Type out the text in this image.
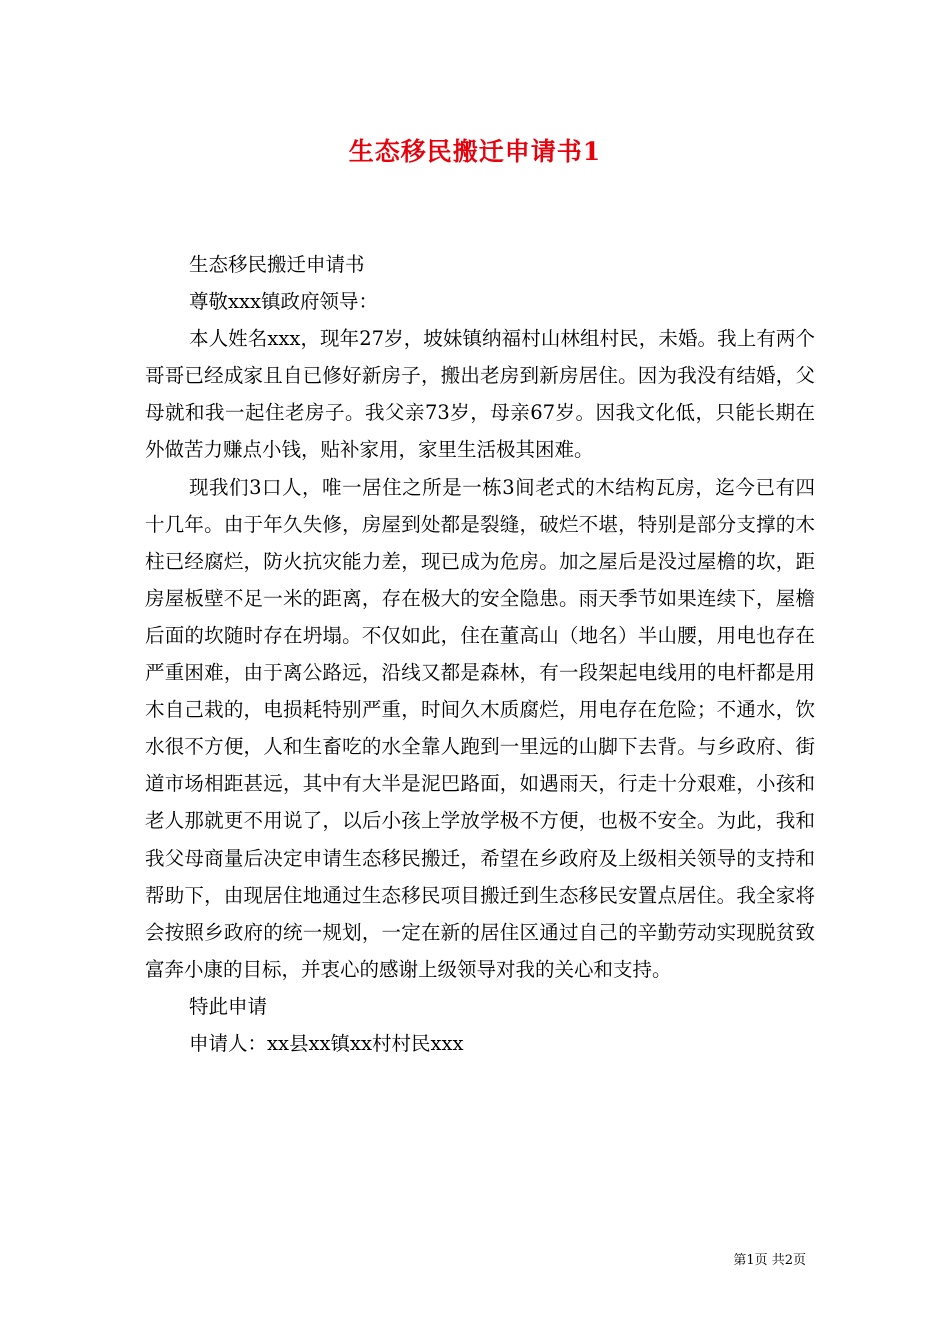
生态移民搬迁申请书1

生态移民搬迁申请书

尊敬xxx镇政府领导：

本人姓名xxx，现年27岁，坡妹镇纳福村山林组村民，未婚。我上有两个哥哥已经成家且自已修好新房子，搬出老房到新房居住。因为我没有结婚，父母就和我一起住老房子。我父亲73岁，母亲67岁。因我文化低，只能长期在外做苦力赚点小钱，贴补家用，家里生活极其困难。

现我们3口人，唯一居住之所是一栋3间老式的木结构瓦房，迄今已有四十几年。由于年久失修，房屋到处都是裂缝，破烂不堪，特别是部分支撑的木柱已经腐烂，防火抗灾能力差，现已成为危房。加之屋后是没过屋檐的坎，距房屋板壁不足一米的距离，存在极大的安全隐患。雨天季节如果连续下，屋檐后面的坎随时存在坍塌。不仅如此，住在董高山（地名）半山腰，用电也存在严重困难，由于离公路远，沿线又都是森林，有一段架起电线用的电杆都是用木自己栽的，电损耗特别严重，时间久木质腐烂，用电存在危险；不通水，饮水很不方便，人和生畜吃的水全靠人跑到一里远的山脚下去背。与乡政府、街道市场相距甚远，其中有大半是泥巴路面，如遇雨天，行走十分艰难，小孩和老人那就更不用说了，以后小孩上学放学极不方便，也极不安全。为此，我和我父母商量后决定申请生态移民搬迁，希望在乡政府及上级相关领导的支持和帮助下，由现居住地通过生态移民项目搬迁到生态移民安置点居住。我全家将会按照乡政府的统一规划，一定在新的居住区通过自己的辛勤劳动实现脱贫致富奔小康的目标，并衷心的感谢上级领导对我的关心和支持。

特此申请

申请人：xx县xx镇xx村村民xxx

第1页 共2页
